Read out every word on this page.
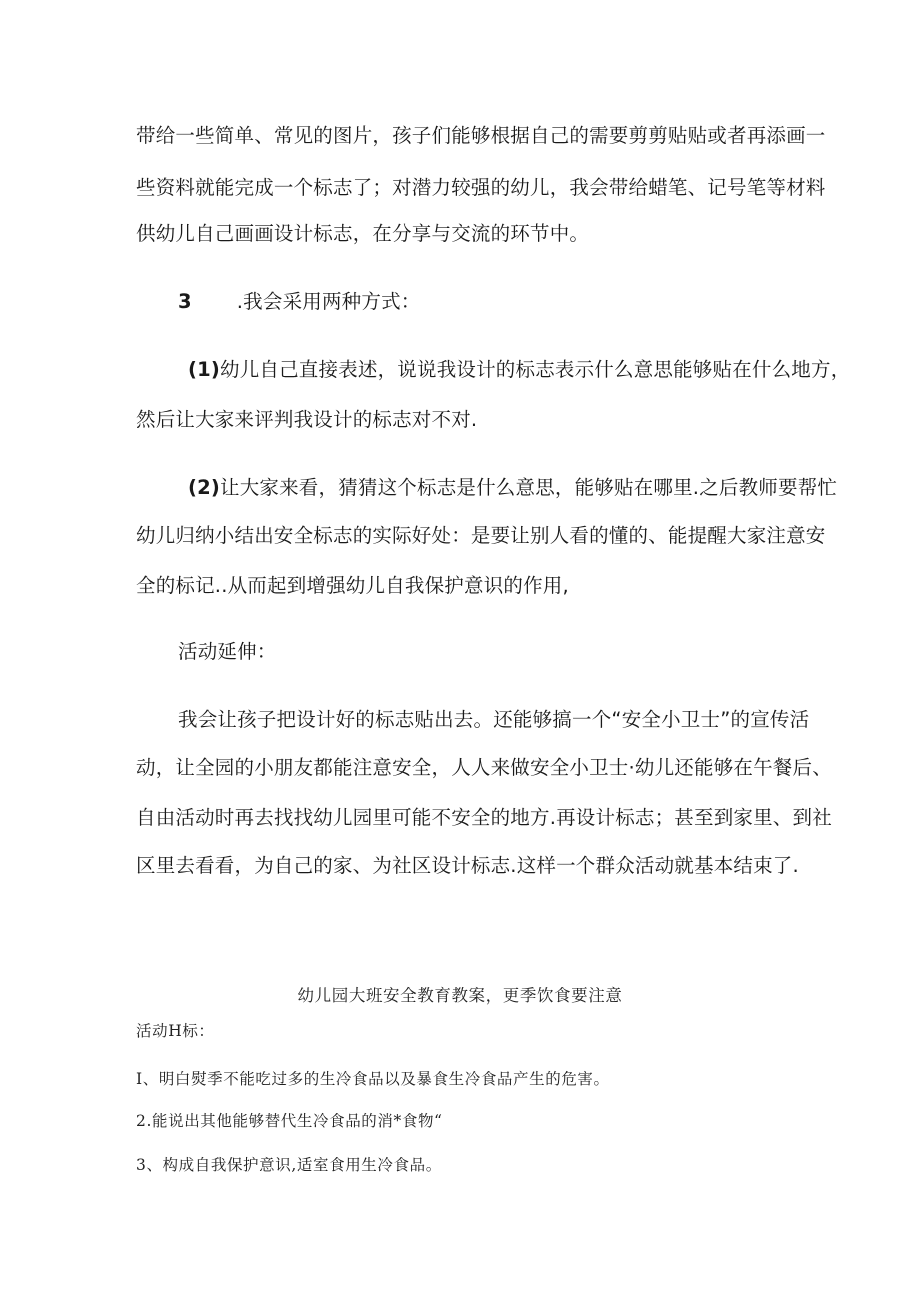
带给一些简单、常见的图片，孩子们能够根据自己的需要剪剪贴贴或者再添画一
些资料就能完成一个标志了；对潜力较强的幼儿，我会带给蜡笔、记号笔等材料
供幼儿自己画画设计标志，在分享与交流的环节中。
3 .我会采用两种方式：
(1)幼儿自己直接表述，说说我设计的标志表示什么意思能够贴在什么地方，
然后让大家来评判我设计的标志对不对.
(2)让大家来看，猜猜这个标志是什么意思，能够贴在哪里.之后教师要帮忙
幼儿归纳小结出安全标志的实际好处：是要让别人看的懂的、能提醒大家注意安
全的标记..从而起到增强幼儿自我保护意识的作用,
活动延伸：
我会让孩子把设计好的标志贴出去。还能够搞一个“安全小卫士”的宣传活
动，让全园的小朋友都能注意安全，人人来做安全小卫士·幼儿还能够在午餐后、
自由活动时再去找找幼儿园里可能不安全的地方.再设计标志；甚至到家里、到社
区里去看看，为自己的家、为社区设计标志.这样一个群众活动就基本结束了.
幼儿园大班安全教育教案，更季饮食要注意
活动H标：
I、明白熨季不能吃过多的生冷食品以及暴食生冷食品产生的危害。
2.能说出其他能够替代生冷食品的消*食物“
3、构成自我保护意识,适室食用生冷食品。
